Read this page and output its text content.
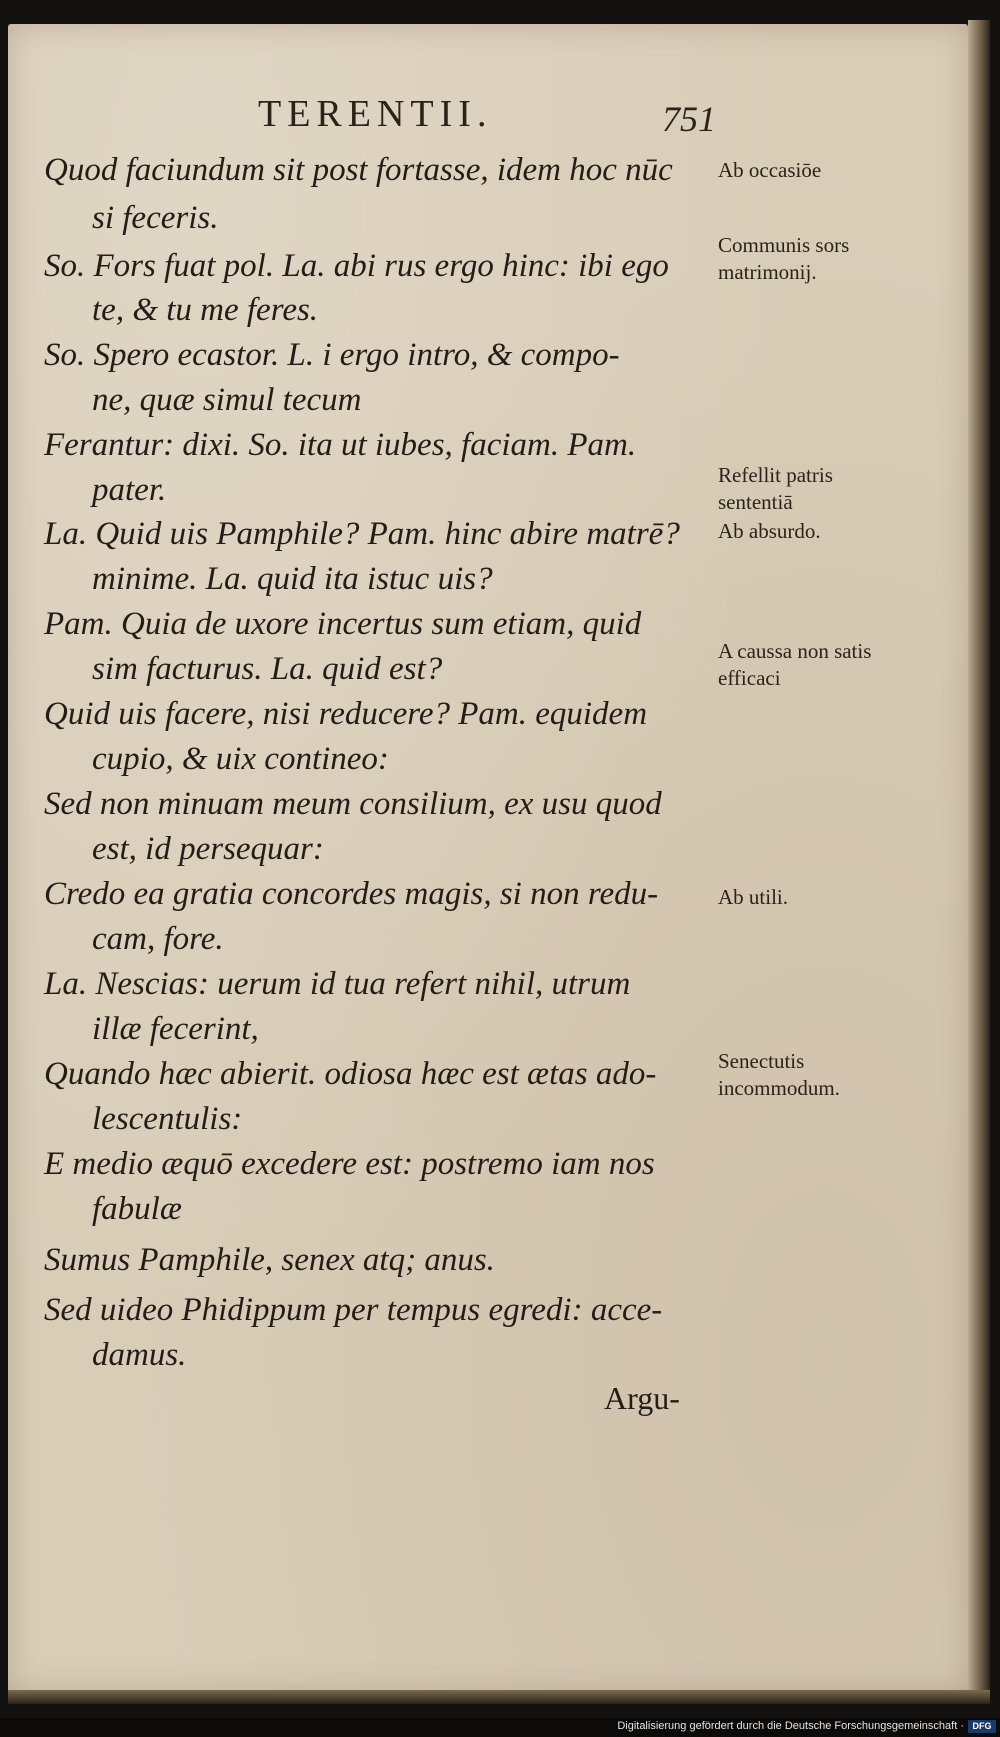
TERENTII.	751
Quod faciundum sit post fortasse, idem hoc nūc
si feceris.
So. Fors fuat pol. La. abi rus ergo hinc: ibi ego
te, & tu me feres.
So. Spero ecastor. L. i ergo intro, & compo-
ne, quæ simul tecum
Ferantur: dixi. So. ita ut iubes, faciam. Pam.
pater.
La. Quid uis Pamphile? Pam. hinc abire matrē?
minime. La. quid ita istuc uis?
Pam. Quia de uxore incertus sum etiam, quid
sim facturus. La. quid est?
Quid uis facere, nisi reducere? Pam. equidem
cupio, & uix contineo:
Sed non minuam meum consilium, ex usu quod
est, id persequar:
Credo ea gratia concordes magis, si non redu-
cam, fore.
La. Nescias: uerum id tua refert nihil, utrum
illæ fecerint,
Quando hæc abierit. odiosa hæc est ætas ado-
lescentulis:
E medio æquō excedere est: postremo iam nos
fabulæ
Sumus Pamphile, senex atq; anus.
Sed uideo Phidippum per tempus egredi: acce-
damus.
Ab occasiōe
Communis sors matrimonij.
Refellit patris sententiā
Ab absurdo.
A caussa non satis efficaci
Ab utili.
Senectutis incommodum.
Argu-
Digitalisierung gefördert durch die Deutsche Forschungsgemeinschaft · DFG
